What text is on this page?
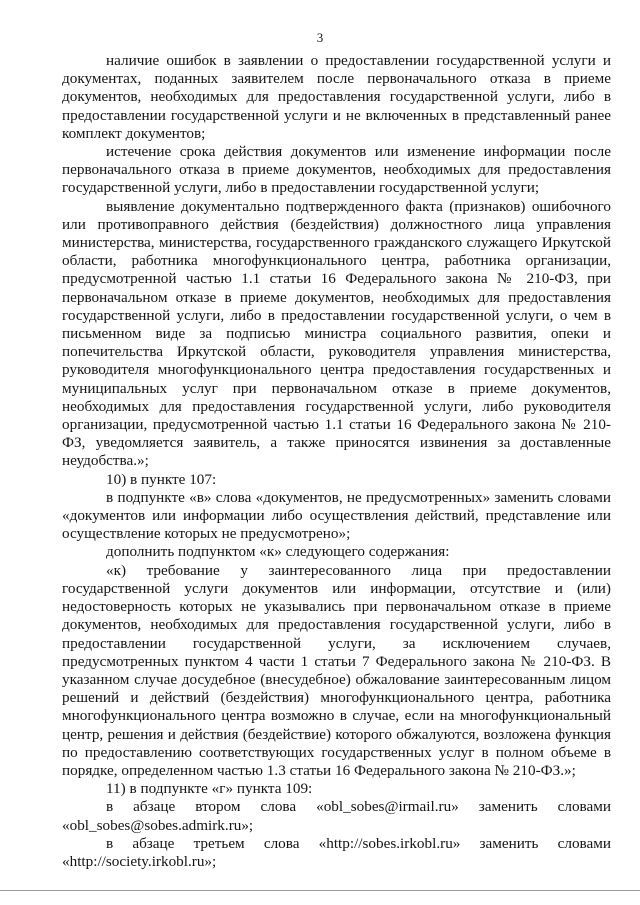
3

наличие ошибок в заявлении о предоставлении государственной услуги и документах, поданных заявителем после первоначального отказа в приеме документов, необходимых для предоставления государственной услуги, либо в предоставлении государственной услуги и не включенных в представленный ранее комплект документов;

истечение срока действия документов или изменение информации после первоначального отказа в приеме документов, необходимых для предоставления государственной услуги, либо в предоставлении государственной услуги;

выявление документально подтвержденного факта (признаков) ошибочного или противоправного действия (бездействия) должностного лица управления министерства, министерства, государственного гражданского служащего Иркутской области, работника многофункционального центра, работника организации, предусмотренной частью 1.1 статьи 16 Федерального закона № 210-ФЗ, при первоначальном отказе в приеме документов, необходимых для предоставления государственной услуги, либо в предоставлении государственной услуги, о чем в письменном виде за подписью министра социального развития, опеки и попечительства Иркутской области, руководителя управления министерства, руководителя многофункционального центра предоставления государственных и муниципальных услуг при первоначальном отказе в приеме документов, необходимых для предоставления государственной услуги, либо руководителя организации, предусмотренной частью 1.1 статьи 16 Федерального закона № 210-ФЗ, уведомляется заявитель, а также приносятся извинения за доставленные неудобства.»;

10) в пункте 107:

в подпункте «в» слова «документов, не предусмотренных» заменить словами «документов или информации либо осуществления действий, представление или осуществление которых не предусмотрено»;

дополнить подпунктом «к» следующего содержания:

«к) требование у заинтересованного лица при предоставлении государственной услуги документов или информации, отсутствие и (или) недостоверность которых не указывались при первоначальном отказе в приеме документов, необходимых для предоставления государственной услуги, либо в предоставлении государственной услуги, за исключением случаев, предусмотренных пунктом 4 части 1 статьи 7 Федерального закона № 210-ФЗ. В указанном случае досудебное (внесудебное) обжалование заинтересованным лицом решений и действий (бездействия) многофункционального центра, работника многофункционального центра возможно в случае, если на многофункциональный центр, решения и действия (бездействие) которого обжалуются, возложена функция по предоставлению соответствующих государственных услуг в полном объеме в порядке, определенном частью 1.3 статьи 16 Федерального закона № 210-ФЗ.»;

11) в подпункте «г» пункта 109:

в абзаце втором слова «obl_sobes@irmail.ru» заменить словами «obl_sobes@sobes.admirk.ru»;

в абзаце третьем слова «http://sobes.irkobl.ru» заменить словами «http://society.irkobl.ru»;
